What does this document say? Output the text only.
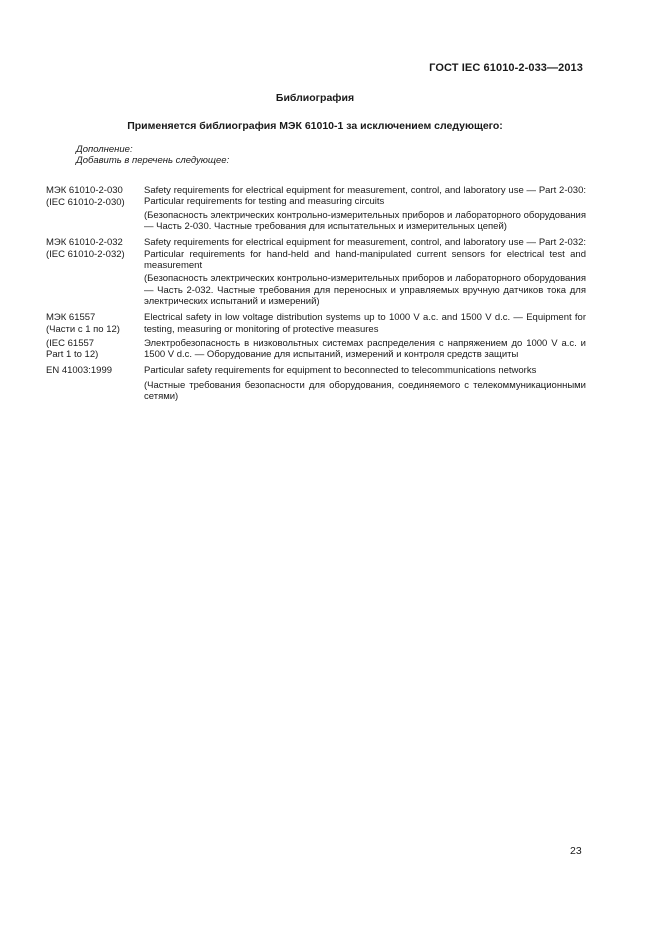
ГОСТ IEC 61010-2-033—2013
Библиография
Применяется библиография МЭК 61010-1 за исключением следующего:
Дополнение:
Добавить в перечень следующее:
МЭК 61010-2-030	Safety requirements for electrical equipment for measurement, control, and laboratory use — Part 2-030: Particular requirements for testing and measuring circuits
(IEC 61010-2-030)
(Безопасность электрических контрольно-измерительных приборов и лабораторного оборудования — Часть 2-030. Частные требования для испытательных и измерительных цепей)
МЭК 61010-2-032
(IEC 61010-2-032)
Safety requirements for electrical equipment for measurement, control, and laboratory use — Part 2-032: Particular requirements for hand-held and hand-manipulated current sensors for electrical test and measurement
(Безопасность электрических контрольно-измерительных приборов и лабораторного оборудования — Часть 2-032. Частные требования для переносных и управляемых вручную датчиков тока для электрических испытаний и измерений)
МЭК 61557
(Части с 1 по 12)
Electrical safety in low voltage distribution systems up to 1000 V a.c. and 1500 V d.c. — Equipment for testing, measuring or monitoring of protective measures
(IEC 61557
Part 1 to 12)
Электробезопасность в низковольтных системах распределения с напряжением до 1000 V а.с. и 1500 V d.c. — Оборудование для испытаний, измерений и контроля средств защиты
EN 41003:1999	Particular safety requirements for equipment to beconnected to telecommunications networks
(Частные требования безопасности для оборудования, соединяемого с телекоммуникационными сетями)
23
